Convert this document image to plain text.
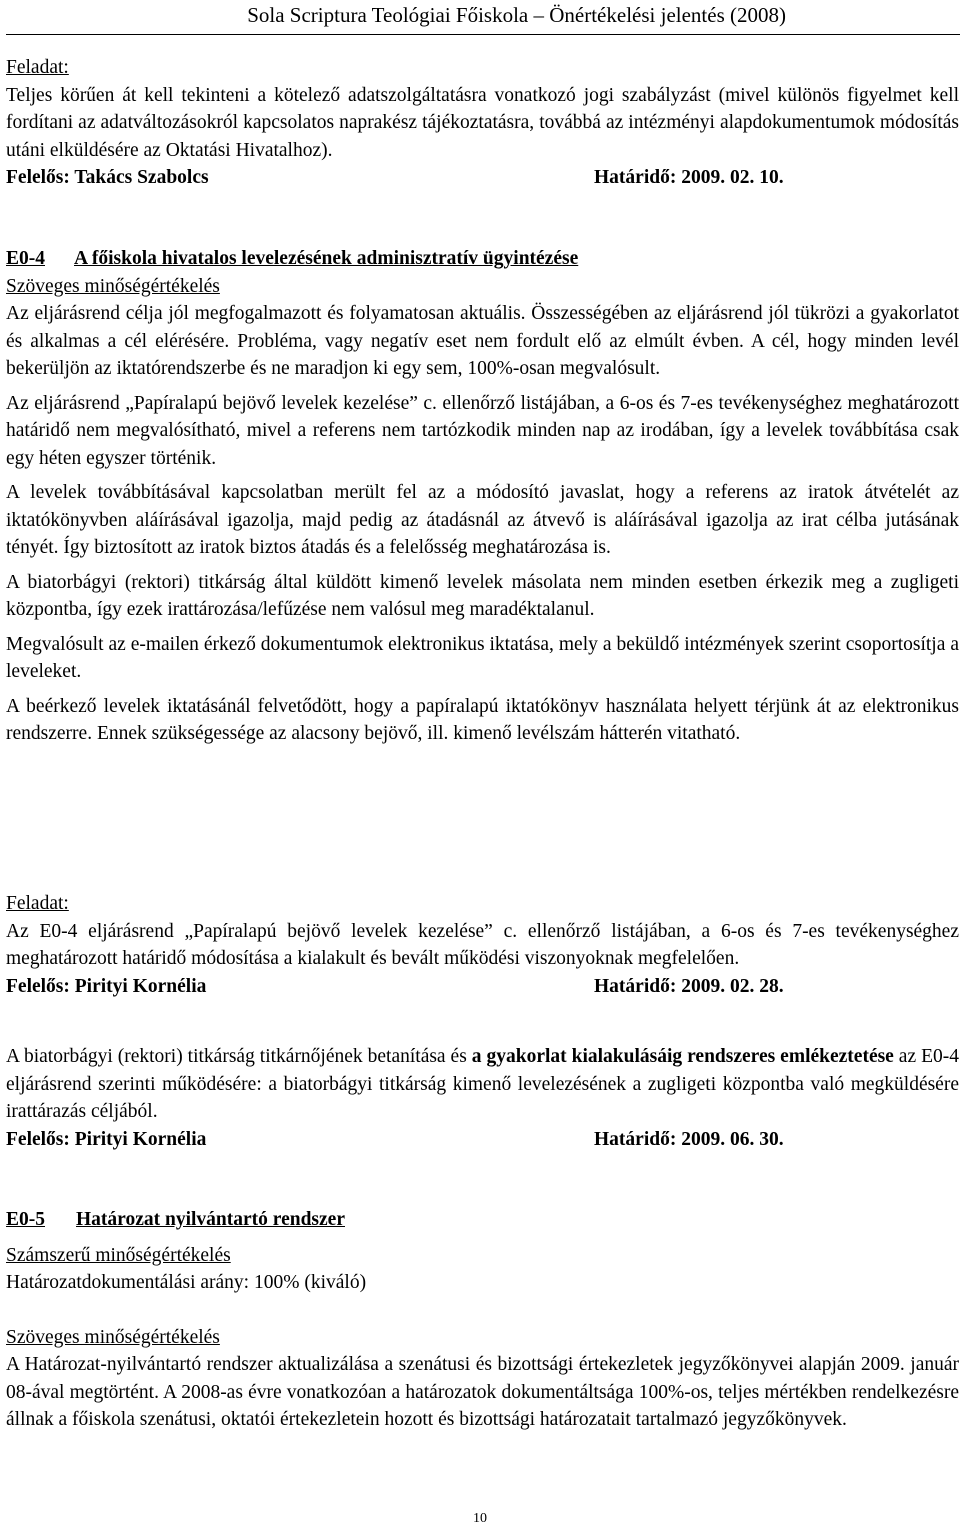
Sola Scriptura Teológiai Főiskola – Önértékelési jelentés (2008)

Feladat:

Teljes körűen át kell tekinteni a kötelező adatszolgáltatásra vonatkozó jogi szabályzást (mivel különös figyelmet kell fordítani az adatváltozásokról kapcsolatos naprakész tájékoztatásra, továbbá az intézményi alapdokumentumok módosítás utáni elküldésére az Oktatási Hivatalhoz).

Felelős: Takács Szabolcs	Határidő: 2009. 02. 10.
E0-4 A főiskola hivatalos levelezésének adminisztratív ügyintézése

Szöveges minőségértékelés

Az eljárásrend célja jól megfogalmazott és folyamatosan aktuális. Összességében az eljárásrend jól tükrözi a gyakorlatot és alkalmas a cél elérésére. Probléma, vagy negatív eset nem fordult elő az elmúlt évben. A cél, hogy minden levél bekerüljön az iktatórendszerbe és ne maradjon ki egy sem, 100%-osan megvalósult.

Az eljárásrend „Papíralapú bejövő levelek kezelése” c. ellenőrző listájában, a 6-os és 7-es tevékenységhez meghatározott határidő nem megvalósítható, mivel a referens nem tartózkodik minden nap az irodában, így a levelek továbbítása csak egy héten egyszer történik.

A levelek továbbításával kapcsolatban merült fel az a módosító javaslat, hogy a referens az iratok átvételét az iktatókönyvben aláírásával igazolja, majd pedig az átadásnál az átvevő is aláírásával igazolja az irat célba jutásának tényét. Így biztosított az iratok biztos átadás és a felelősség meghatározása is.

A biatorbágyi (rektori) titkárság által küldött kimenő levelek másolata nem minden esetben érkezik meg a zugligeti központba, így ezek irattározása/lefűzése nem valósul meg maradéktalanul.

Megvalósult az e-mailen érkező dokumentumok elektronikus iktatása, mely a beküldő intézmények szerint csoportosítja a leveleket.

A beérkező levelek iktatásánál felvetődött, hogy a papíralapú iktatókönyv használata helyett térjünk át az elektronikus rendszerre. Ennek szükségessége az alacsony bejövő, ill. kimenő levélszám hátterén vitatható.

Feladat:

Az E0-4 eljárásrend „Papíralapú bejövő levelek kezelése” c. ellenőrző listájában, a 6-os és 7-es tevékenységhez meghatározott határidő módosítása a kialakult és bevált működési viszonyoknak megfelelően.

Felelős: Pirityi Kornélia	Határidő: 2009. 02. 28.

A biatorbágyi (rektori) titkárság titkárnőjének betanítása és a gyakorlat kialakulásáig rendszeres emlékeztetése az E0-4 eljárásrend szerinti működésére: a biatorbágyi titkárság kimenő levelezésének a zugligeti központba való megküldésére irattárazás céljából.

Felelős: Pirityi Kornélia	Határidő: 2009. 06. 30.
E0-5 Határozat nyilvántartó rendszer

Számszerű minőségértékelés

Határozatdokumentálási arány: 100% (kiváló)

Szöveges minőségértékelés

A Határozat-nyilvántartó rendszer aktualizálása a szenátusi és bizottsági értekezletek jegyzőkönyvei alapján 2009. január 08-ával megtörtént. A 2008-as évre vonatkozóan a határozatok dokumentáltsága 100%-os, teljes mértékben rendelkezésre állnak a főiskola szenátusi, oktatói értekezletein hozott és bizottsági határozatait tartalmazó jegyzőkönyvek.

10
